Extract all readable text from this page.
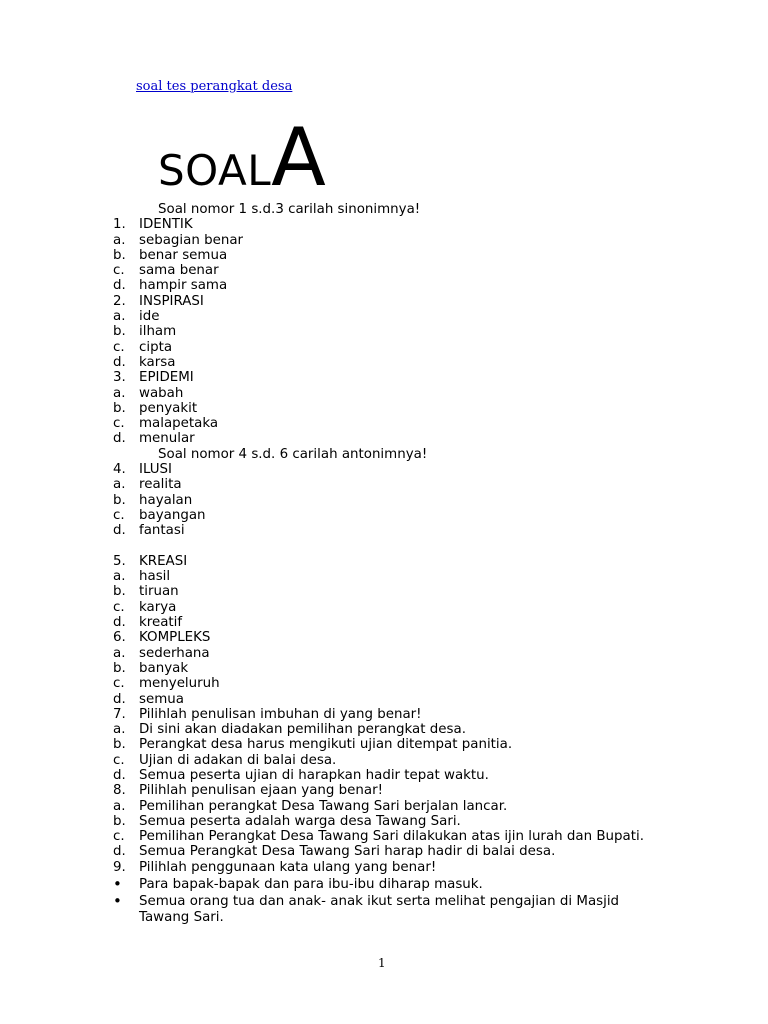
soal tes perangkat desa
SOALA
Soal nomor 1 s.d.3 carilah sinonimnya!
1. IDENTIK
a.	sebagian benar
b. benar semua
c.	sama benar
d. hampir sama
2. INSPIRASI
a.	ide
b. ilham
c.	cipta
d. karsa
3. EPIDEMI
a.	wabah
b. penyakit
c.	malapetaka
d. menular
Soal nomor 4 s.d. 6 carilah antonimnya!
4. ILUSI
a.	realita
b. hayalan
c.	bayangan
d. fantasi
5. KREASI
a.	hasil
b. tiruan
c.	karya
d. kreatif
6. KOMPLEKS
a.	sederhana
b. banyak
c.	menyeluruh
d. semua
7. Pilihlah penulisan imbuhan di yang benar!
a.	Di sini akan diadakan pemilihan perangkat desa.
b. Perangkat desa harus mengikuti ujian ditempat panitia.
c.	Ujian di adakan di balai desa.
d. Semua peserta ujian di harapkan hadir tepat waktu.
8. Pilihlah penulisan ejaan yang benar!
a.	Pemilihan perangkat Desa Tawang Sari berjalan lancar.
b. Semua peserta adalah warga desa Tawang Sari.
c.	Pemilihan Perangkat Desa Tawang Sari dilakukan atas ijin lurah dan Bupati.
d. Semua Perangkat Desa Tawang Sari harap hadir di balai desa.
9. Pilihlah penggunaan kata ulang yang benar!
•	Para bapak-bapak dan para ibu-ibu diharap masuk.
•	Semua orang tua dan anak- anak ikut serta melihat pengajian di Masjid Tawang Sari.
1
